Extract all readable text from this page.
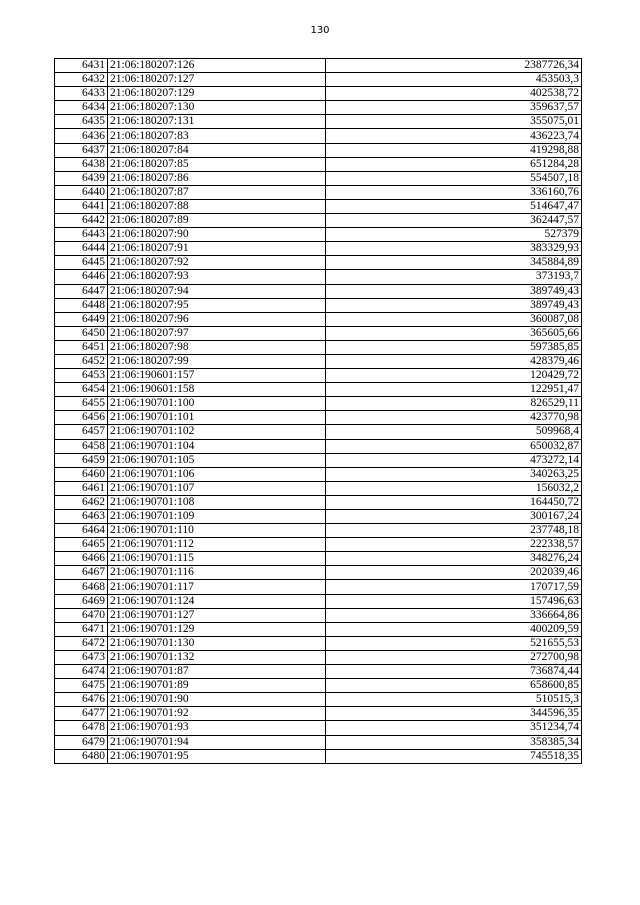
130
6431	21:06:180207:126	2387726,34
6432	21:06:180207:127	453503,3
6433	21:06:180207:129	402538,72
6434	21:06:180207:130	359637,57
6435	21:06:180207:131	355075,01
6436	21:06:180207:83	436223,74
6437	21:06:180207:84	419298,88
6438	21:06:180207:85	651284,28
6439	21:06:180207:86	554507,18
6440	21:06:180207:87	336160,76
6441	21:06:180207:88	514647,47
6442	21:06:180207:89	362447,57
6443	21:06:180207:90	527379
6444	21:06:180207:91	383329,93
6445	21:06:180207:92	345884,89
6446	21:06:180207:93	373193,7
6447	21:06:180207:94	389749,43
6448	21:06:180207:95	389749,43
6449	21:06:180207:96	360087,08
6450	21:06:180207:97	365605,66
6451	21:06:180207:98	597385,85
6452	21:06:180207:99	428379,46
6453	21:06:190601:157	120429,72
6454	21:06:190601:158	122951,47
6455	21:06:190701:100	826529,11
6456	21:06:190701:101	423770,98
6457	21:06:190701:102	509968,4
6458	21:06:190701:104	650032,87
6459	21:06:190701:105	473272,14
6460	21:06:190701:106	340263,25
6461	21:06:190701:107	156032,2
6462	21:06:190701:108	164450,72
6463	21:06:190701:109	300167,24
6464	21:06:190701:110	237748,18
6465	21:06:190701:112	222338,57
6466	21:06:190701:115	348276,24
6467	21:06:190701:116	202039,46
6468	21:06:190701:117	170717,59
6469	21:06:190701:124	157496,63
6470	21:06:190701:127	336664,86
6471	21:06:190701:129	400209,59
6472	21:06:190701:130	521655,53
6473	21:06:190701:132	272700,98
6474	21:06:190701:87	736874,44
6475	21:06:190701:89	658600,85
6476	21:06:190701:90	510515,3
6477	21:06:190701:92	344596,35
6478	21:06:190701:93	351234,74
6479	21:06:190701:94	358385,34
6480	21:06:190701:95	745518,35
